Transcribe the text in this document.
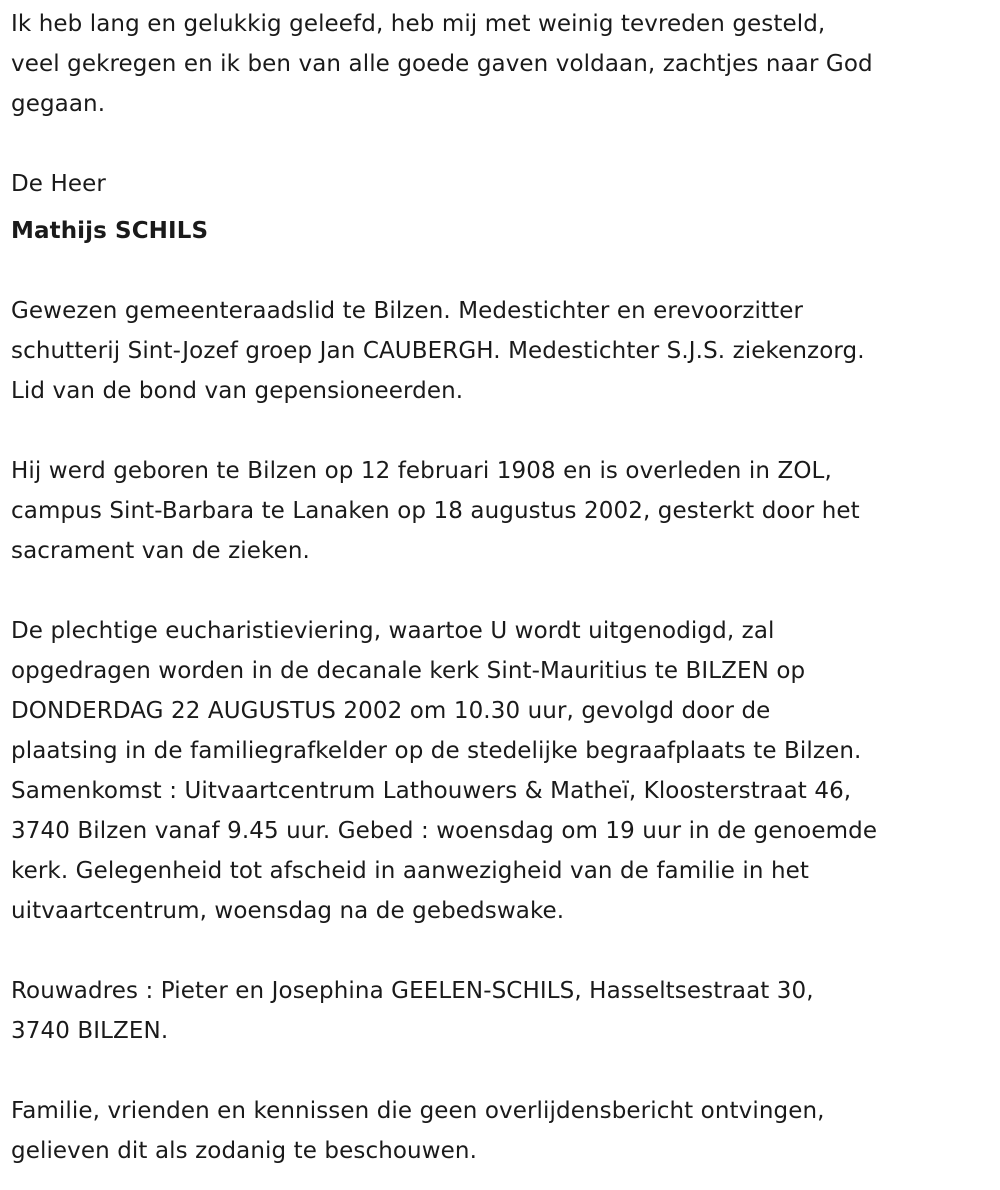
Ik heb lang en gelukkig geleefd, heb mij met weinig tevreden gesteld,
veel gekregen en ik ben van alle goede gaven voldaan, zachtjes naar God
gegaan.

De Heer

Mathijs SCHILS

Gewezen gemeenteraadslid te Bilzen. Medestichter en erevoorzitter
schutterij Sint-Jozef groep Jan CAUBERGH. Medestichter S.J.S. ziekenzorg.
Lid van de bond van gepensioneerden.

Hij werd geboren te Bilzen op 12 februari 1908 en is overleden in ZOL,
campus Sint-Barbara te Lanaken op 18 augustus 2002, gesterkt door het
sacrament van de zieken.

De plechtige eucharistieviering, waartoe U wordt uitgenodigd, zal
opgedragen worden in de decanale kerk Sint-Mauritius te BILZEN op
DONDERDAG 22 AUGUSTUS 2002 om 10.30 uur, gevolgd door de
plaatsing in de familiegrafkelder op de stedelijke begraafplaats te Bilzen.
Samenkomst : Uitvaartcentrum Lathouwers & Matheï, Kloosterstraat 46,
3740 Bilzen vanaf 9.45 uur. Gebed : woensdag om 19 uur in de genoemde
kerk. Gelegenheid tot afscheid in aanwezigheid van de familie in het
uitvaartcentrum, woensdag na de gebedswake.

Rouwadres : Pieter en Josephina GEELEN-SCHILS, Hasseltsestraat 30,
3740 BILZEN.

Familie, vrienden en kennissen die geen overlijdensbericht ontvingen,
gelieven dit als zodanig te beschouwen.
